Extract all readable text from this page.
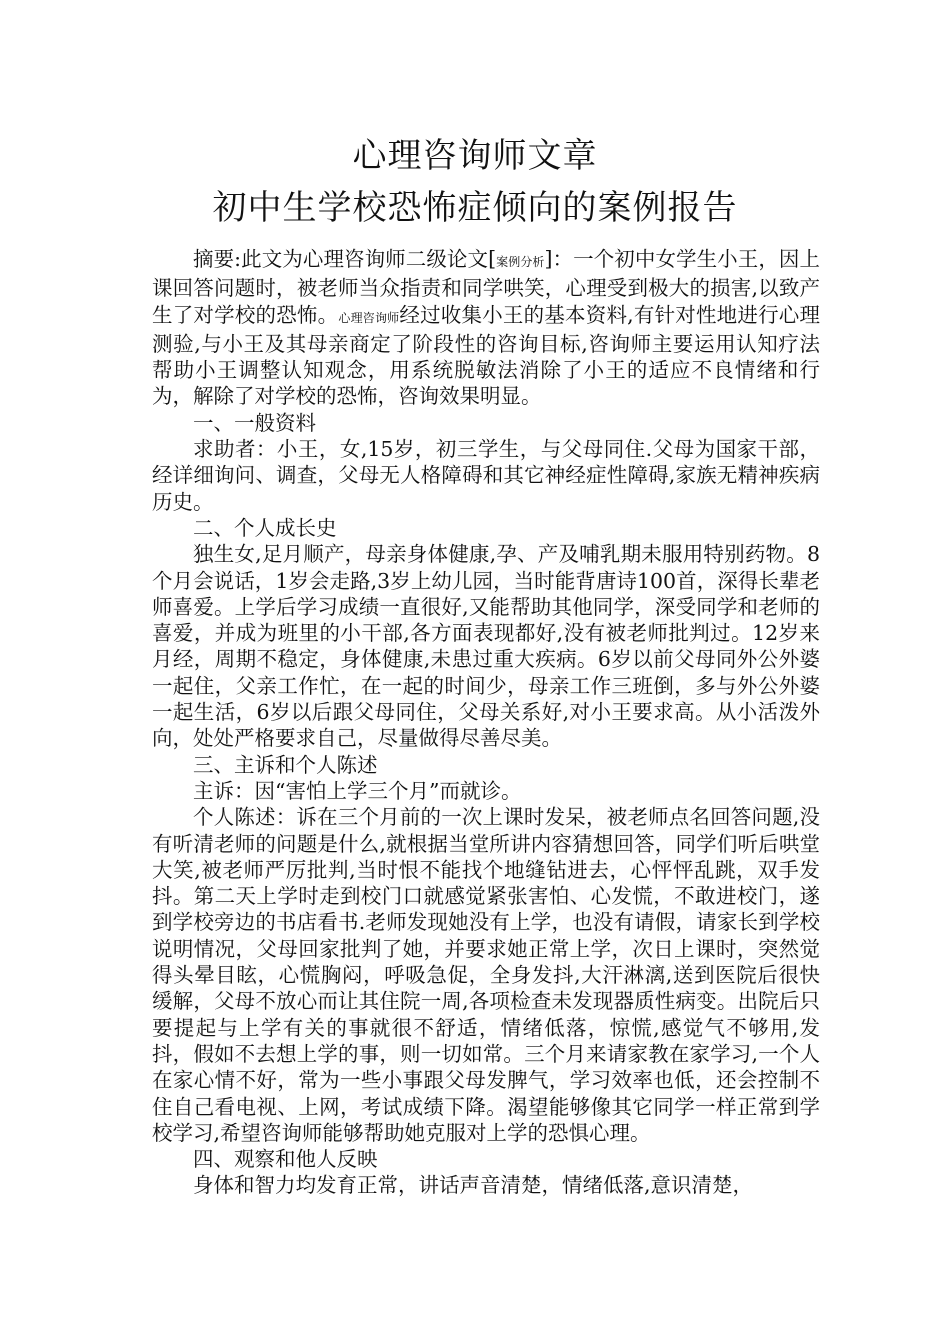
心理咨询师文章
初中生学校恐怖症倾向的案例报告

摘要:此文为心理咨询师二级论文[案例分析]：一个初中女学生小王，因上课回答问题时，被老师当众指责和同学哄笑，心理受到极大的损害,以致产生了对学校的恐怖。心理咨询师经过收集小王的基本资料,有针对性地进行心理测验,与小王及其母亲商定了阶段性的咨询目标,咨询师主要运用认知疗法帮助小王调整认知观念，用系统脱敏法消除了小王的适应不良情绪和行为，解除了对学校的恐怖，咨询效果明显。

一、一般资料

求助者：小王，女,15岁，初三学生，与父母同住.父母为国家干部，经详细询问、调查，父母无人格障碍和其它神经症性障碍,家族无精神疾病历史。

二、个人成长史

独生女,足月顺产，母亲身体健康,孕、产及哺乳期未服用特别药物。8个月会说话，1岁会走路,3岁上幼儿园，当时能背唐诗100首，深得长辈老师喜爱。上学后学习成绩一直很好,又能帮助其他同学，深受同学和老师的喜爱，并成为班里的小干部,各方面表现都好,没有被老师批判过。12岁来月经，周期不稳定，身体健康,未患过重大疾病。6岁以前父母同外公外婆一起住，父亲工作忙，在一起的时间少，母亲工作三班倒，多与外公外婆一起生活，6岁以后跟父母同住，父母关系好,对小王要求高。从小活泼外向，处处严格要求自己，尽量做得尽善尽美。

三、主诉和个人陈述

主诉：因“害怕上学三个月”而就诊。

个人陈述：诉在三个月前的一次上课时发呆，被老师点名回答问题,没有听清老师的问题是什么,就根据当堂所讲内容猜想回答，同学们听后哄堂大笑,被老师严厉批判,当时恨不能找个地缝钻进去，心怦怦乱跳，双手发抖。第二天上学时走到校门口就感觉紧张害怕、心发慌，不敢进校门，遂到学校旁边的书店看书.老师发现她没有上学，也没有请假，请家长到学校说明情况，父母回家批判了她，并要求她正常上学，次日上课时，突然觉得头晕目眩，心慌胸闷，呼吸急促，全身发抖,大汗淋漓,送到医院后很快缓解，父母不放心而让其住院一周,各项检查未发现器质性病变。出院后只要提起与上学有关的事就很不舒适，情绪低落，惊慌,感觉气不够用,发抖，假如不去想上学的事，则一切如常。三个月来请家教在家学习,一个人在家心情不好，常为一些小事跟父母发脾气，学习效率也低，还会控制不住自己看电视、上网，考试成绩下降。渴望能够像其它同学一样正常到学校学习,希望咨询师能够帮助她克服对上学的恐惧心理。

四、观察和他人反映

身体和智力均发育正常，讲话声音清楚，情绪低落,意识清楚，
